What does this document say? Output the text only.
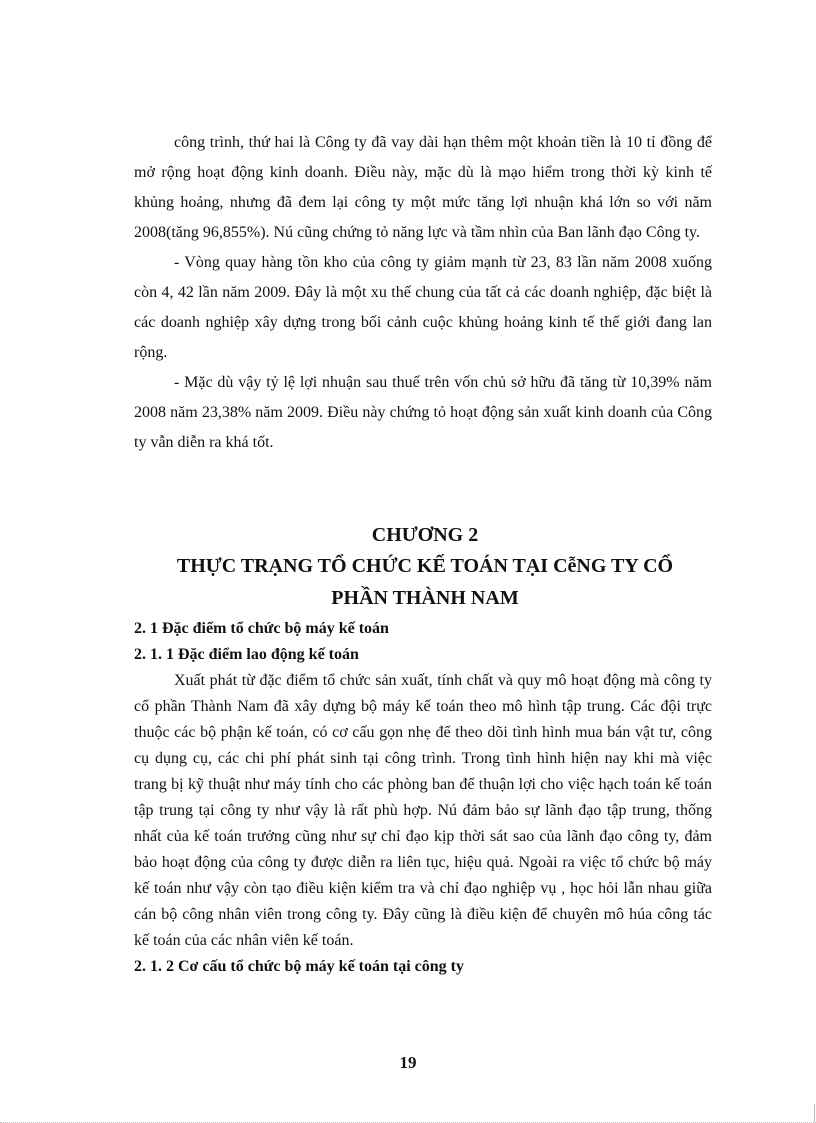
công trình, thứ hai là Công ty đã vay dài hạn thêm một khoản tiền là 10 tỉ đồng để mở rộng hoạt động kinh doanh. Điều này, mặc dù là mạo hiểm trong thời kỳ kinh tế khủng hoảng, nhưng đã đem lại công ty một mức tăng lợi nhuận khá lớn so với năm 2008(tăng 96,855%). Nú cũng chứng tỏ năng lực và tầm nhìn của Ban lãnh đạo Công ty.

- Vòng quay hàng tồn kho của công ty giảm mạnh từ 23, 83 lần năm 2008 xuống còn 4, 42 lần năm 2009. Đây là một xu thế chung của tất cả các doanh nghiệp, đặc biệt là các doanh nghiệp xây dựng trong bối cảnh cuộc khủng hoảng kinh tế thế giới đang lan rộng.

- Mặc dù vậy tỷ lệ lợi nhuận sau thuế trên vốn chủ sở hữu đã tăng từ 10,39% năm 2008 năm 23,38% năm 2009. Điều này chứng tỏ hoạt động sản xuất kinh doanh của Công ty vẫn diễn ra khá tốt.

CHƯƠNG 2
THỰC TRẠNG TỔ CHỨC KẾ TOÁN TẠI CễNG TY CỔ
PHẦN THÀNH NAM

2. 1 Đặc điểm tổ chức bộ máy kế toán

2. 1. 1 Đặc điểm lao động kế toán

Xuất phát từ đặc điểm tổ chức sản xuất, tính chất và quy mô hoạt động mà công ty cổ phần Thành Nam đã xây dựng bộ máy kế toán theo mô hình tập trung. Các đội trực thuộc các bộ phận kế toán, có cơ cấu gọn nhẹ để theo dõi tình hình mua bán vật tư, công cụ dụng cụ, các chi phí phát sinh tại công trình. Trong tình hình hiện nay khi mà việc trang bị kỹ thuật như máy tính cho các phòng ban để thuận lợi cho việc hạch toán kế toán tập trung tại công ty như vậy là rất phù hợp. Nú đảm bảo sự lãnh đạo tập trung, thống nhất của kế toán trưởng cũng như sự chỉ đạo kịp thời sát sao của lãnh đạo công ty, đảm bảo hoạt động của công ty được diễn ra liên tục, hiệu quả. Ngoài ra việc tổ chức bộ máy kế toán như vậy còn tạo điều kiện kiểm tra và chỉ đạo nghiệp vụ , học hỏi lẫn nhau giữa cán bộ công nhân viên trong công ty. Đây cũng là điều kiện để chuyên mô húa công tác kế toán của các nhân viên kế toán.

2. 1. 2 Cơ cấu tổ chức bộ máy kế toán tại công ty

19
